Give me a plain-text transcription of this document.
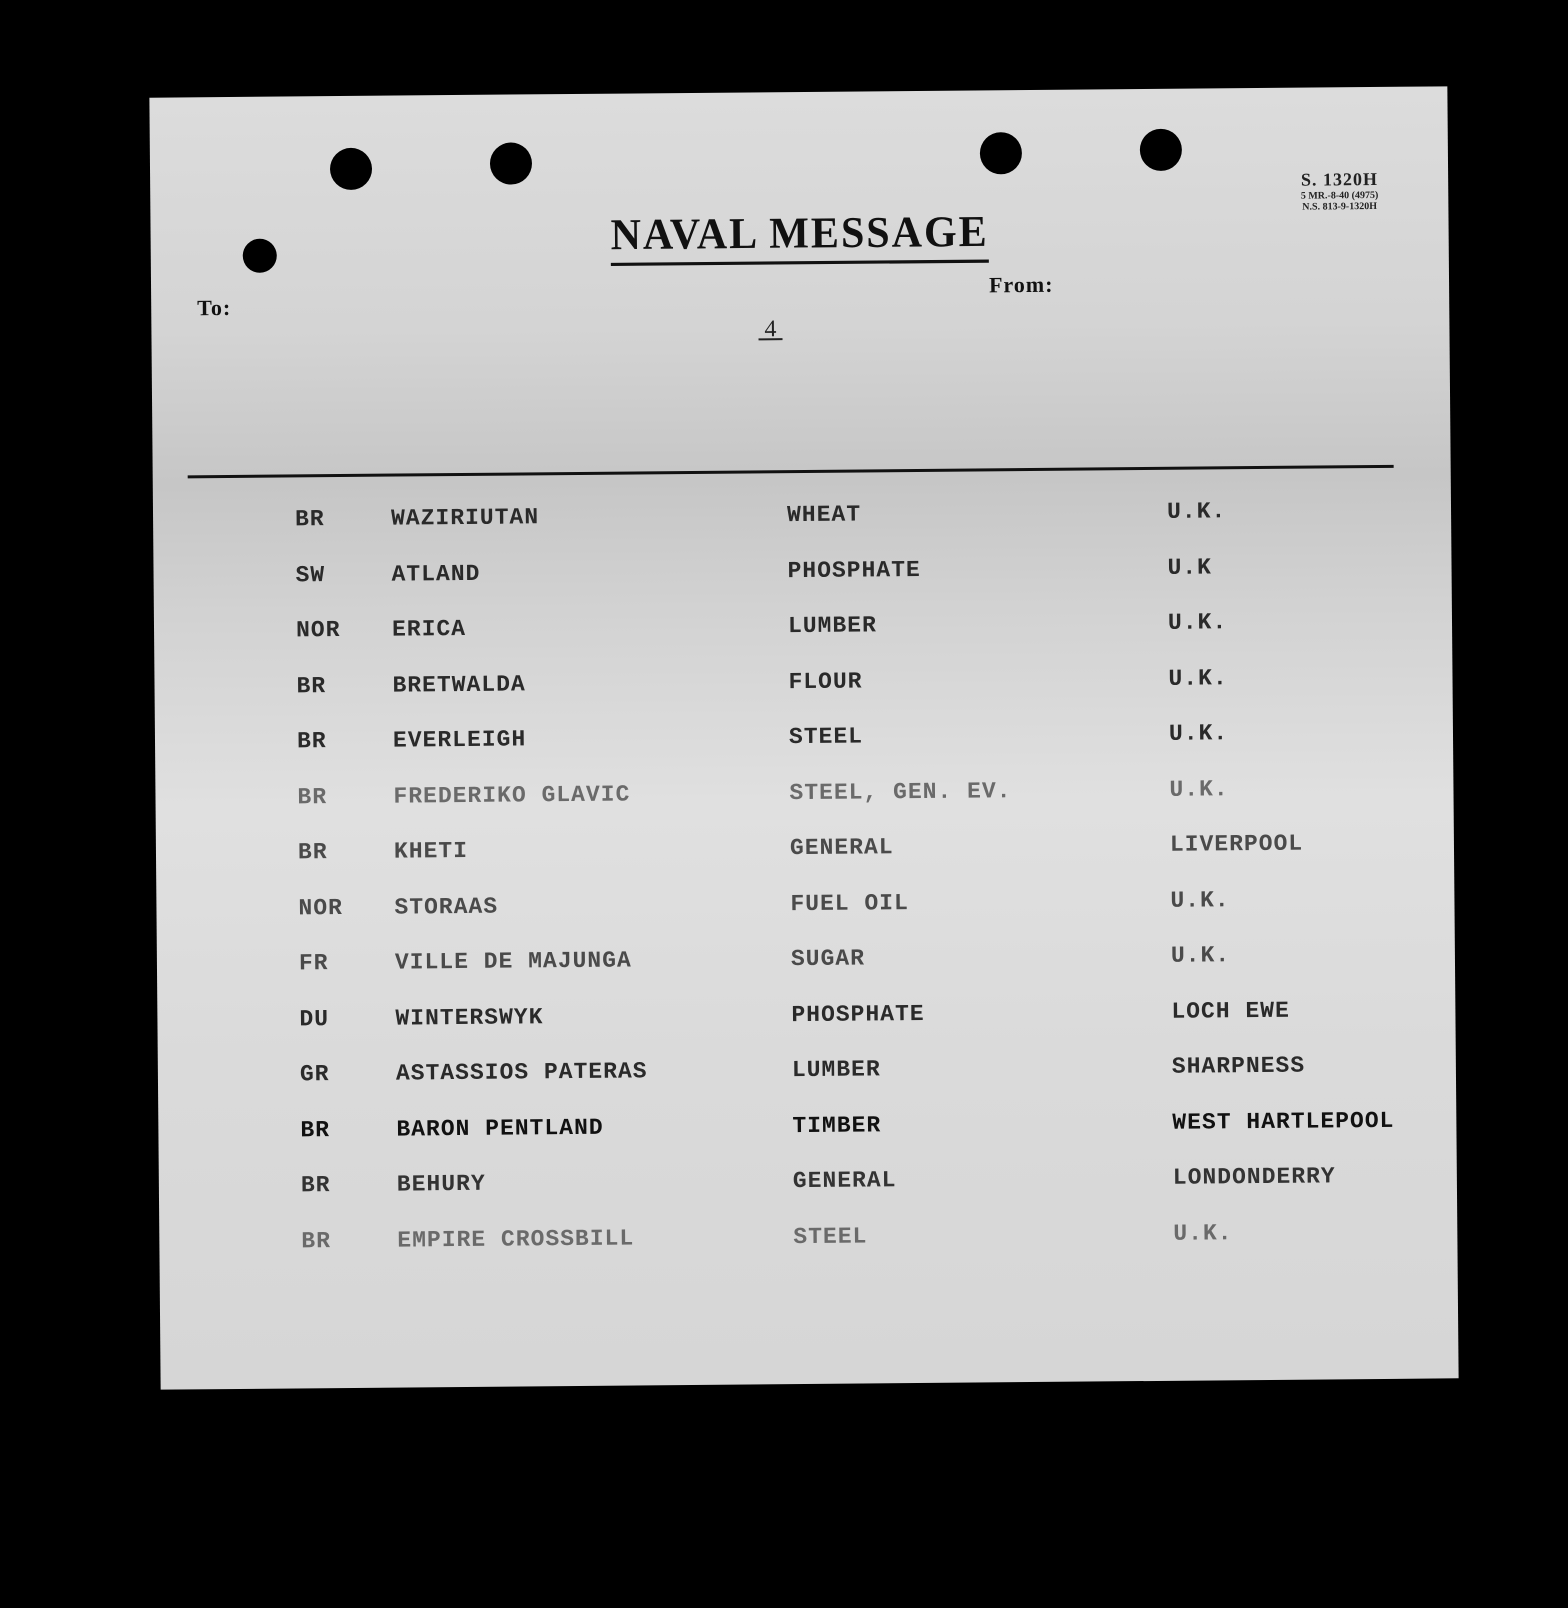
S. 1320H
5 MR.-8-40 (4975)
N.S. 813-9-1320H
NAVAL MESSAGE
To:
From:
4
BR	WAZIRIUTAN	WHEAT	U.K.
SW	ATLAND	PHOSPHATE	U.K
NOR ERICA	LUMBER	U.K.
BR	BRETWALDA	FLOUR	U.K.
BR	EVERLEIGH	STEEL	U.K.
BR	FREDERIKO GLAVIC	STEEL, GEN. EV.	U.K.
BR	KHETI	GENERAL	LIVERPOOL
NOR STORAAS	FUEL OIL	U.K.
FR	VILLE DE MAJUNGA	SUGAR	U.K.
DU	WINTERSWYK	PHOSPHATE	LOCH EWE
GR	ASTASSIOS PATERAS	LUMBER	SHARPNESS
BR	BARON PENTLAND	TIMBER	WEST HARTLEPOOL
BR	BEHURY	GENERAL	LONDONDERRY
BR	EMPIRE CROSSBILL	STEEL	U.K.
